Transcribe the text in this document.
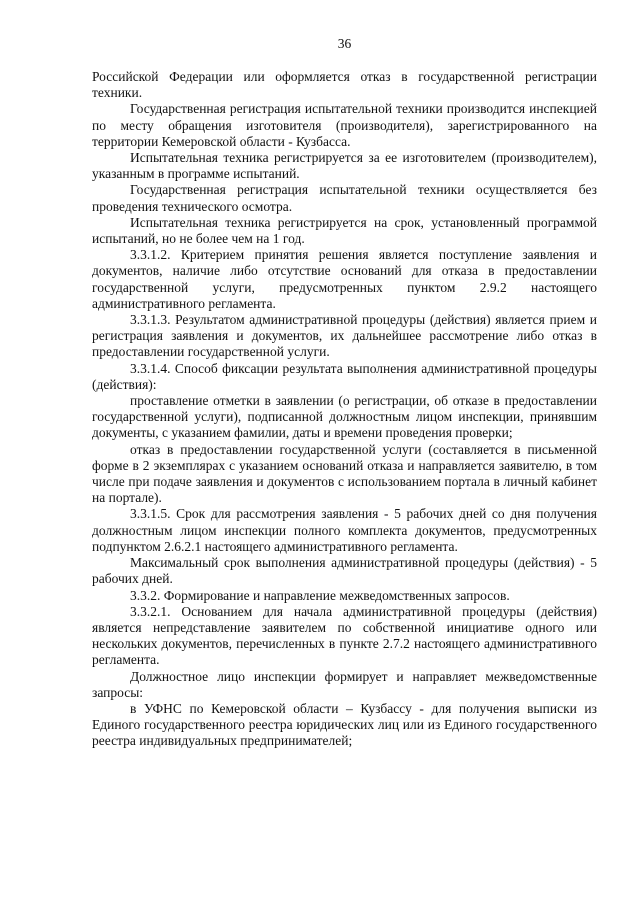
36

Российской Федерации или оформляется отказ в государственной регистрации техники.

Государственная регистрация испытательной техники производится инспекцией по месту обращения изготовителя (производителя), зарегистрированного на территории Кемеровской области - Кузбасса.

Испытательная техника регистрируется за ее изготовителем (производителем), указанным в программе испытаний.

Государственная регистрация испытательной техники осуществляется без проведения технического осмотра.

Испытательная техника регистрируется на срок, установленный программой испытаний, но не более чем на 1 год.

3.3.1.2. Критерием принятия решения является поступление заявления и документов, наличие либо отсутствие оснований для отказа в предоставлении государственной услуги, предусмотренных пунктом 2.9.2 настоящего административного регламента.

3.3.1.3. Результатом административной процедуры (действия) является прием и регистрация заявления и документов, их дальнейшее рассмотрение либо отказ в предоставлении государственной услуги.

3.3.1.4. Способ фиксации результата выполнения административной процедуры (действия):

проставление отметки в заявлении (о регистрации, об отказе в предоставлении государственной услуги), подписанной должностным лицом инспекции, принявшим документы, с указанием фамилии, даты и времени проведения проверки;

отказ в предоставлении государственной услуги (составляется в письменной форме в 2 экземплярах с указанием оснований отказа и направляется заявителю, в том числе при подаче заявления и документов с использованием портала в личный кабинет на портале).

3.3.1.5. Срок для рассмотрения заявления - 5 рабочих дней со дня получения должностным лицом инспекции полного комплекта документов, предусмотренных подпунктом 2.6.2.1 настоящего административного регламента.

Максимальный срок выполнения административной процедуры (действия) - 5 рабочих дней.

3.3.2. Формирование и направление межведомственных запросов.

3.3.2.1. Основанием для начала административной процедуры (действия) является непредставление заявителем по собственной инициативе одного или нескольких документов, перечисленных в пункте 2.7.2 настоящего административного регламента.

Должностное лицо инспекции формирует и направляет межведомственные запросы:

в УФНС по Кемеровской области – Кузбассу - для получения выписки из Единого государственного реестра юридических лиц или из Единого государственного реестра индивидуальных предпринимателей;
